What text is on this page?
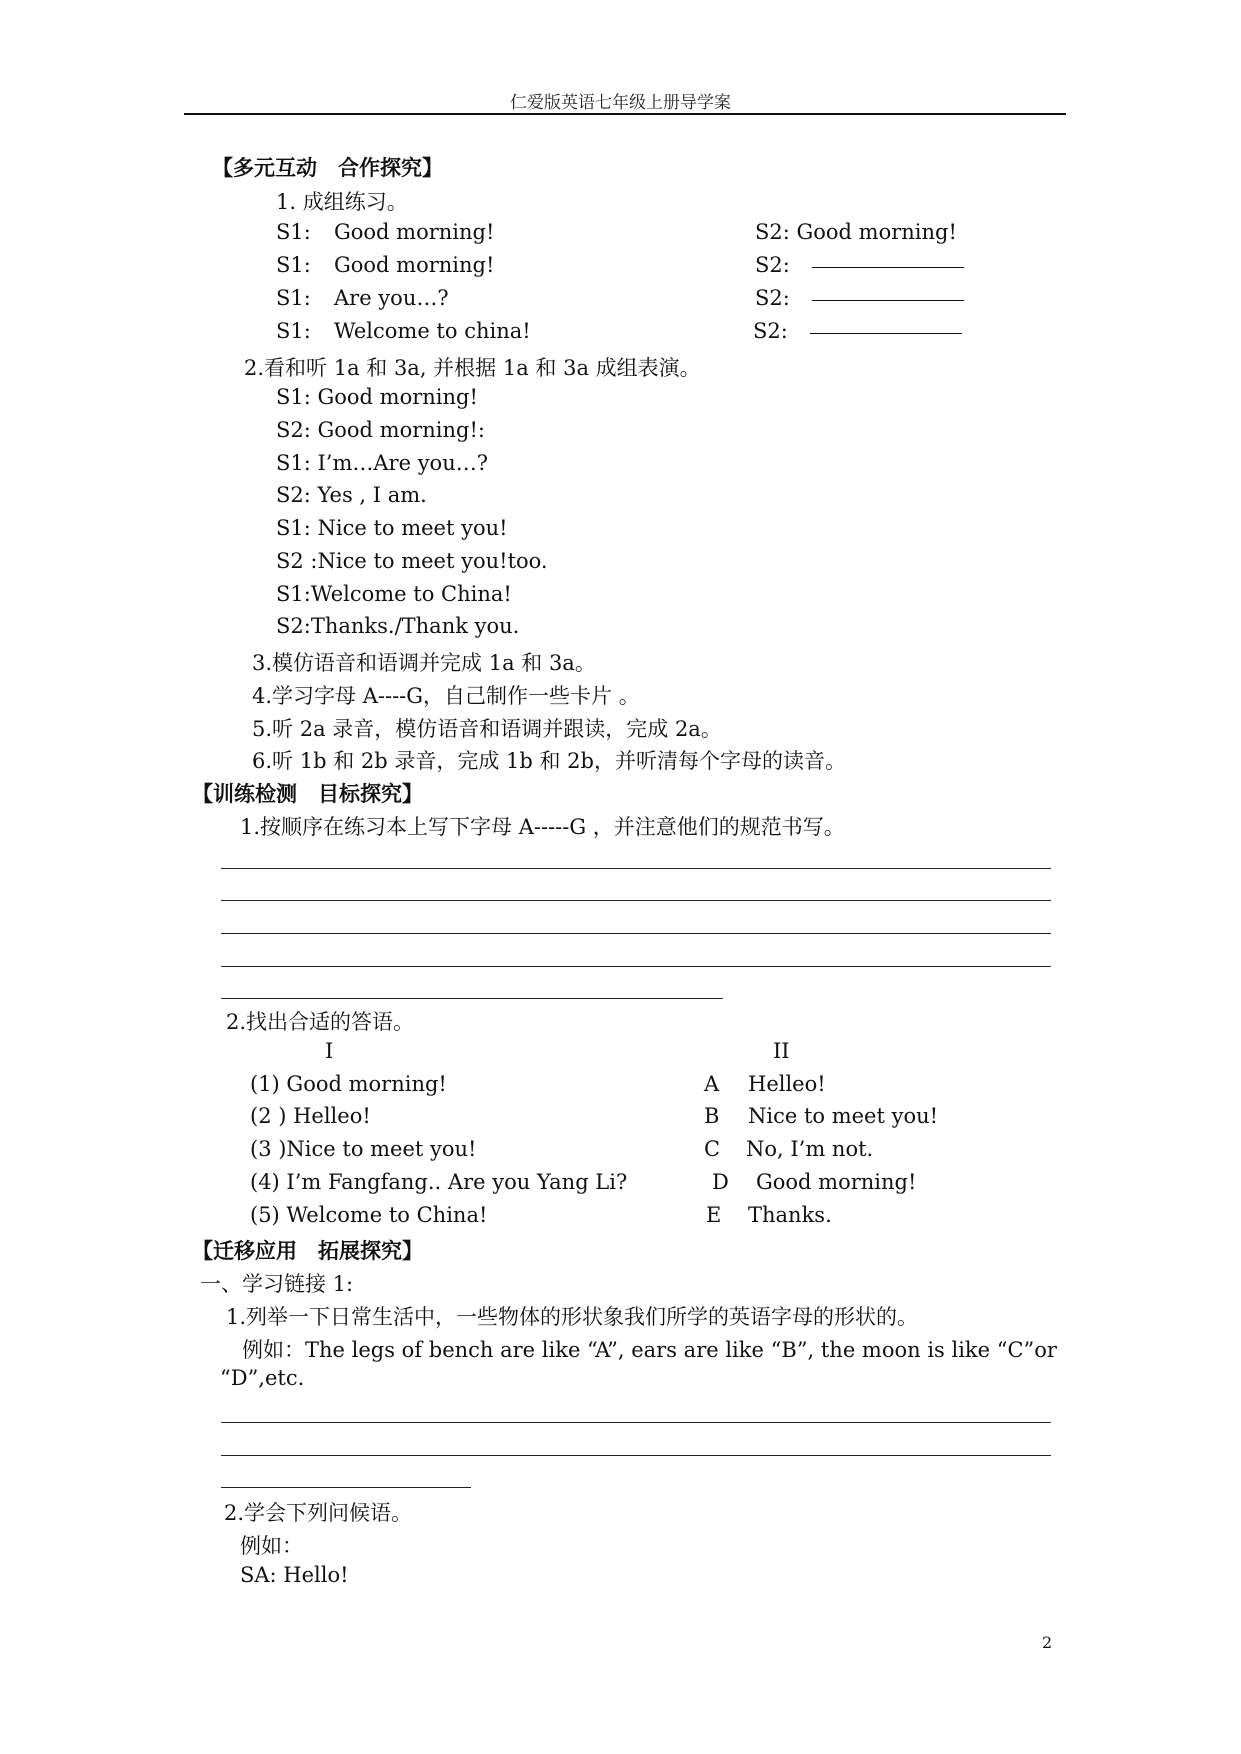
仁爱版英语七年级上册导学案
【多元互动　合作探究】
1. 成组练习。
S1: Good morning!	S2: Good morning!
S1: Good morning!	S2:
S1: Are you…?	S2:
S1: Welcome to china!	S2:
2.看和听 1a 和 3a, 并根据 1a 和 3a 成组表演。
S1: Good morning!
S2: Good morning!:
S1: I’m…Are you…?
S2: Yes , I am.
S1: Nice to meet you!
S2 :Nice to meet you!too.
S1:Welcome to China!
S2:Thanks./Thank you.
3.模仿语音和语调并完成 1a 和 3a。
4.学习字母 A----G，自己制作一些卡片 。
5.听 2a 录音，模仿语音和语调并跟读，完成 2a。
6.听 1b 和 2b 录音，完成 1b 和 2b，并听清每个字母的读音。
【训练检测　目标探究】
1.按顺序在练习本上写下字母 A-----G ，并注意他们的规范书写。
2.找出合适的答语。
I	II
(1) Good morning!	A Helleo!
(2 ) Helleo!	B Nice to meet you!
(3 )Nice to meet you!	C No, I’m not.
(4) I’m Fangfang.. Are you Yang Li?	D Good morning!
(5) Welcome to China!	E Thanks.
【迁移应用　拓展探究】
一、学习链接 1:
1.列举一下日常生活中，一些物体的形状象我们所学的英语字母的形状的。
例如：The legs of bench are like “A”, ears are like “B”, the moon is like “C”or
“D”,etc.
2.学会下列问候语。
例如：
SA: Hello!
2
